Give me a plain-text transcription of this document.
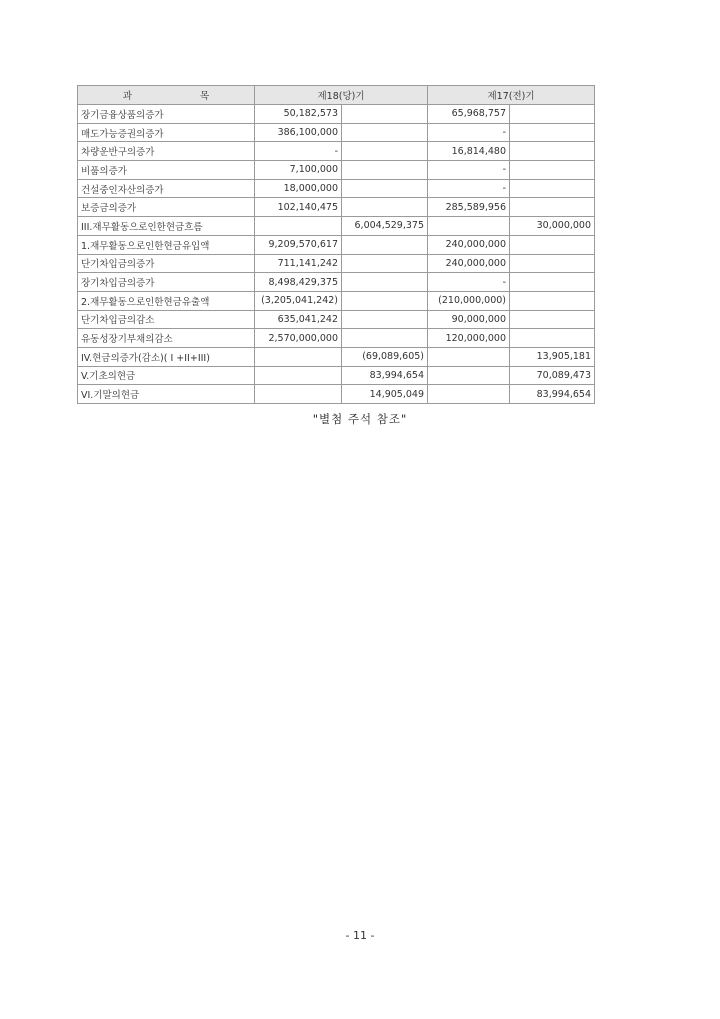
과 목	제18(당)기		제17(전)기	
장기금융상품의증가	50,182,573		65,968,757	
매도가능증권의증가	386,100,000		-	
차량운반구의증가	-		16,814,480	
비품의증가	7,100,000		-	
건설중인자산의증가	18,000,000		-	
보증금의증가	102,140,475		285,589,956	
III.재무활동으로인한현금흐름		6,004,529,375		30,000,000
1.재무활동으로인한현금유입액	9,209,570,617		240,000,000	
단기차입금의증가	711,141,242		240,000,000	
장기차입금의증가	8,498,429,375		-	
2.재무활동으로인한현금유출액	(3,205,041,242)		(210,000,000)	
단기차입금의감소	635,041,242		90,000,000	
유동성장기부채의감소	2,570,000,000		120,000,000	
IV.현금의증가(감소)( I +II+III)		(69,089,605)		13,905,181
V.기초의현금		83,994,654		70,089,473
VI.기말의현금		14,905,049		83,994,654
"별첨 주석 참조"
- 11 -
